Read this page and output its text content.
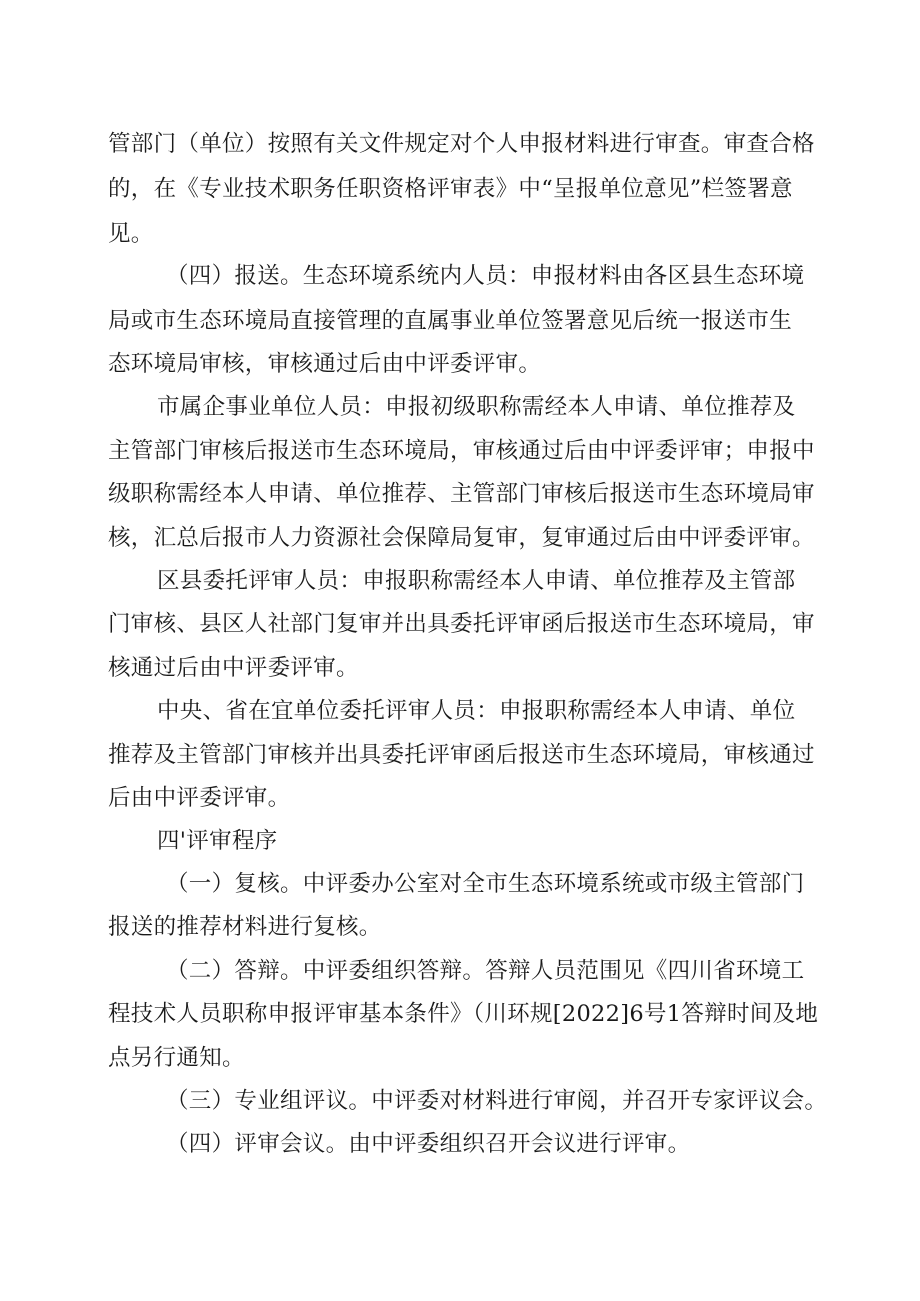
管部门（单位）按照有关文件规定对个人申报材料进行审查。审查合格
的，在《专业技术职务任职资格评审表》中“呈报单位意见”栏签署意
见。
（四）报送。生态环境系统内人员：申报材料由各区县生态环境
局或市生态环境局直接管理的直属事业单位签署意见后统一报送市生
态环境局审核，审核通过后由中评委评审。
市属企事业单位人员：申报初级职称需经本人申请、单位推荐及
主管部门审核后报送市生态环境局，审核通过后由中评委评审；申报中
级职称需经本人申请、单位推荐、主管部门审核后报送市生态环境局审
核，汇总后报市人力资源社会保障局复审，复审通过后由中评委评审。
区县委托评审人员：申报职称需经本人申请、单位推荐及主管部
门审核、县区人社部门复审并出具委托评审函后报送市生态环境局，审
核通过后由中评委评审。
中央、省在宜单位委托评审人员：申报职称需经本人申请、单位
推荐及主管部门审核并出具委托评审函后报送市生态环境局，审核通过
后由中评委评审。
四'评审程序
（一）复核。中评委办公室对全市生态环境系统或市级主管部门
报送的推荐材料进行复核。
（二）答辩。中评委组织答辩。答辩人员范围见《四川省环境工
程技术人员职称申报评审基本条件》（川环规[2022]6号1答辩时间及地
点另行通知。
（三）专业组评议。中评委对材料进行审阅，并召开专家评议会。
（四）评审会议。由中评委组织召开会议进行评审。
